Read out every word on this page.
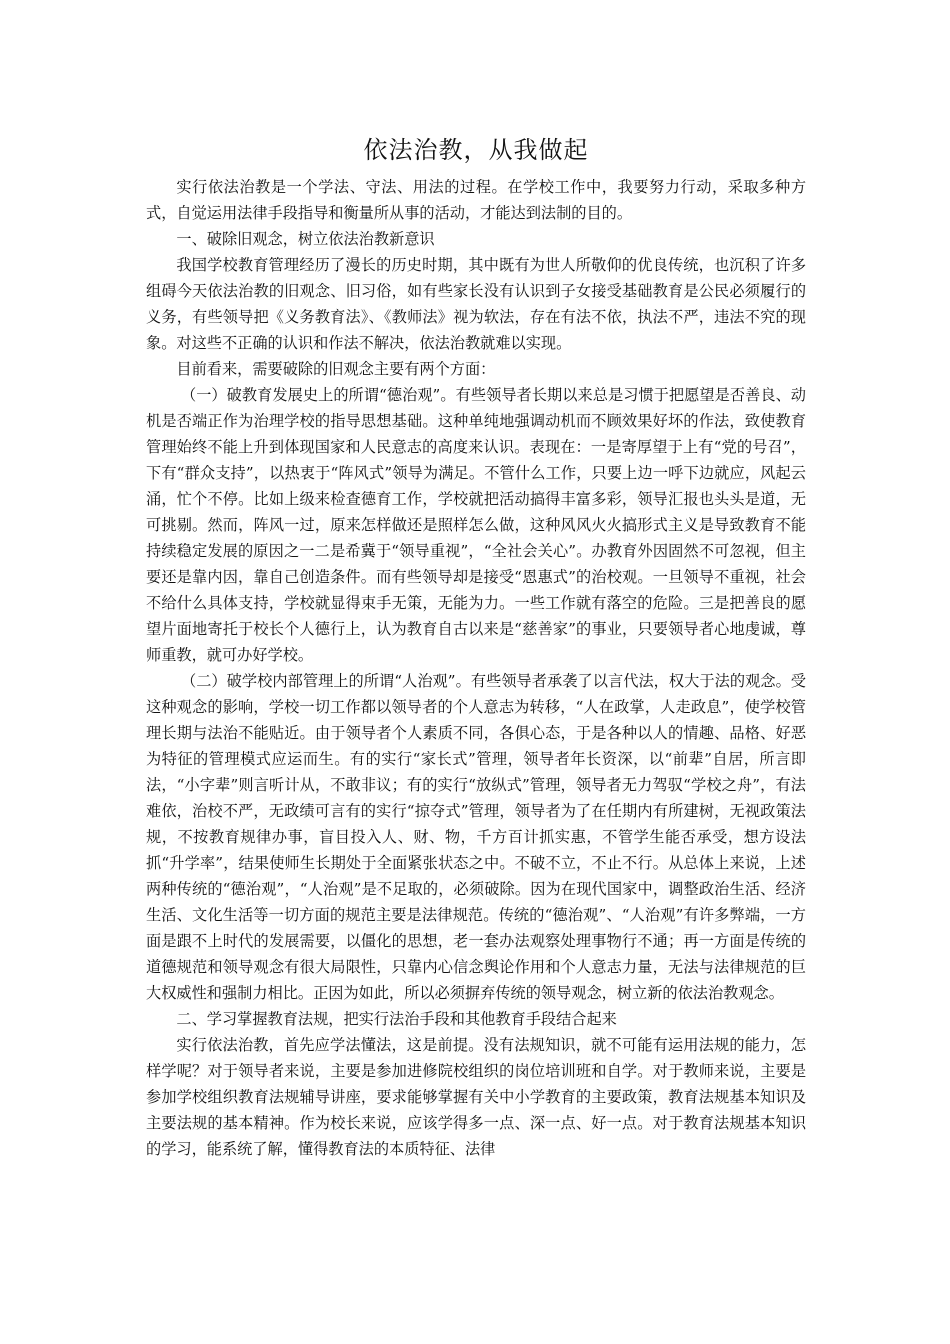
依法治教，从我做起

实行依法治教是一个学法、守法、用法的过程。在学校工作中，我要努力行动，采取多种方式，自觉运用法律手段指导和衡量所从事的活动，才能达到法制的目的。

一、破除旧观念，树立依法治教新意识

我国学校教育管理经历了漫长的历史时期，其中既有为世人所敬仰的优良传统，也沉积了许多组碍今天依法治教的旧观念、旧习俗，如有些家长没有认识到子女接受基础教育是公民必须履行的义务，有些领导把《义务教育法》、《教师法》视为软法，存在有法不依，执法不严，违法不究的现象。对这些不正确的认识和作法不解决，依法治教就难以实现。

目前看来，需要破除的旧观念主要有两个方面：

（一）破教育发展史上的所谓“德治观”。有些领导者长期以来总是习惯于把愿望是否善良、动机是否端正作为治理学校的指导思想基础。这种单纯地强调动机而不顾效果好坏的作法，致使教育管理始终不能上升到体现国家和人民意志的高度来认识。表现在：一是寄厚望于上有“党的号召”，下有“群众支持”，以热衷于“阵风式”领导为满足。不管什么工作，只要上边一呼下边就应，风起云涌，忙个不停。比如上级来检查德育工作，学校就把活动搞得丰富多彩，领导汇报也头头是道，无可挑剔。然而，阵风一过，原来怎样做还是照样怎么做，这种风风火火搞形式主义是导致教育不能持续稳定发展的原因之一二是希冀于“领导重视”，“全社会关心”。办教育外因固然不可忽视，但主要还是靠内因，靠自己创造条件。而有些领导却是接受“恩惠式”的治校观。一旦领导不重视，社会不给什么具体支持，学校就显得束手无策，无能为力。一些工作就有落空的危险。三是把善良的愿望片面地寄托于校长个人德行上，认为教育自古以来是“慈善家”的事业，只要领导者心地虔诚，尊师重教，就可办好学校。

（二）破学校内部管理上的所谓“人治观”。有些领导者承袭了以言代法，权大于法的观念。受这种观念的影响，学校一切工作都以领导者的个人意志为转移，“人在政掌，人走政息”，使学校管理长期与法治不能贴近。由于领导者个人素质不同，各俱心态，于是各种以人的情趣、品格、好恶为特征的管理模式应运而生。有的实行“家长式”管理，领导者年长资深，以“前辈”自居，所言即法，“小字辈”则言听计从，不敢非议；有的实行“放纵式”管理，领导者无力驾驭“学校之舟”，有法难依，治校不严，无政绩可言有的实行“掠夺式”管理，领导者为了在任期内有所建树，无视政策法规，不按教育规律办事，盲目投入人、财、物，千方百计抓实惠，不管学生能否承受，想方设法抓“升学率”，结果使师生长期处于全面紧张状态之中。不破不立，不止不行。从总体上来说，上述两种传统的“德治观”，“人治观”是不足取的，必须破除。因为在现代国家中，调整政治生活、经济生活、文化生活等一切方面的规范主要是法律规范。传统的“德治观”、“人治观”有许多弊端，一方面是跟不上时代的发展需要，以僵化的思想，老一套办法观察处理事物行不通；再一方面是传统的道德规范和领导观念有很大局限性，只靠内心信念舆论作用和个人意志力量，无法与法律规范的巨大权威性和强制力相比。正因为如此，所以必须摒弃传统的领导观念，树立新的依法治教观念。

二、学习掌握教育法规，把实行法治手段和其他教育手段结合起来

实行依法治教，首先应学法懂法，这是前提。没有法规知识，就不可能有运用法规的能力，怎样学呢？对于领导者来说，主要是参加进修院校组织的岗位培训班和自学。对于教师来说，主要是参加学校组织教育法规辅导讲座，要求能够掌握有关中小学教育的主要政策，教育法规基本知识及主要法规的基本精神。作为校长来说，应该学得多一点、深一点、好一点。对于教育法规基本知识的学习，能系统了解，懂得教育法的本质特征、法律
